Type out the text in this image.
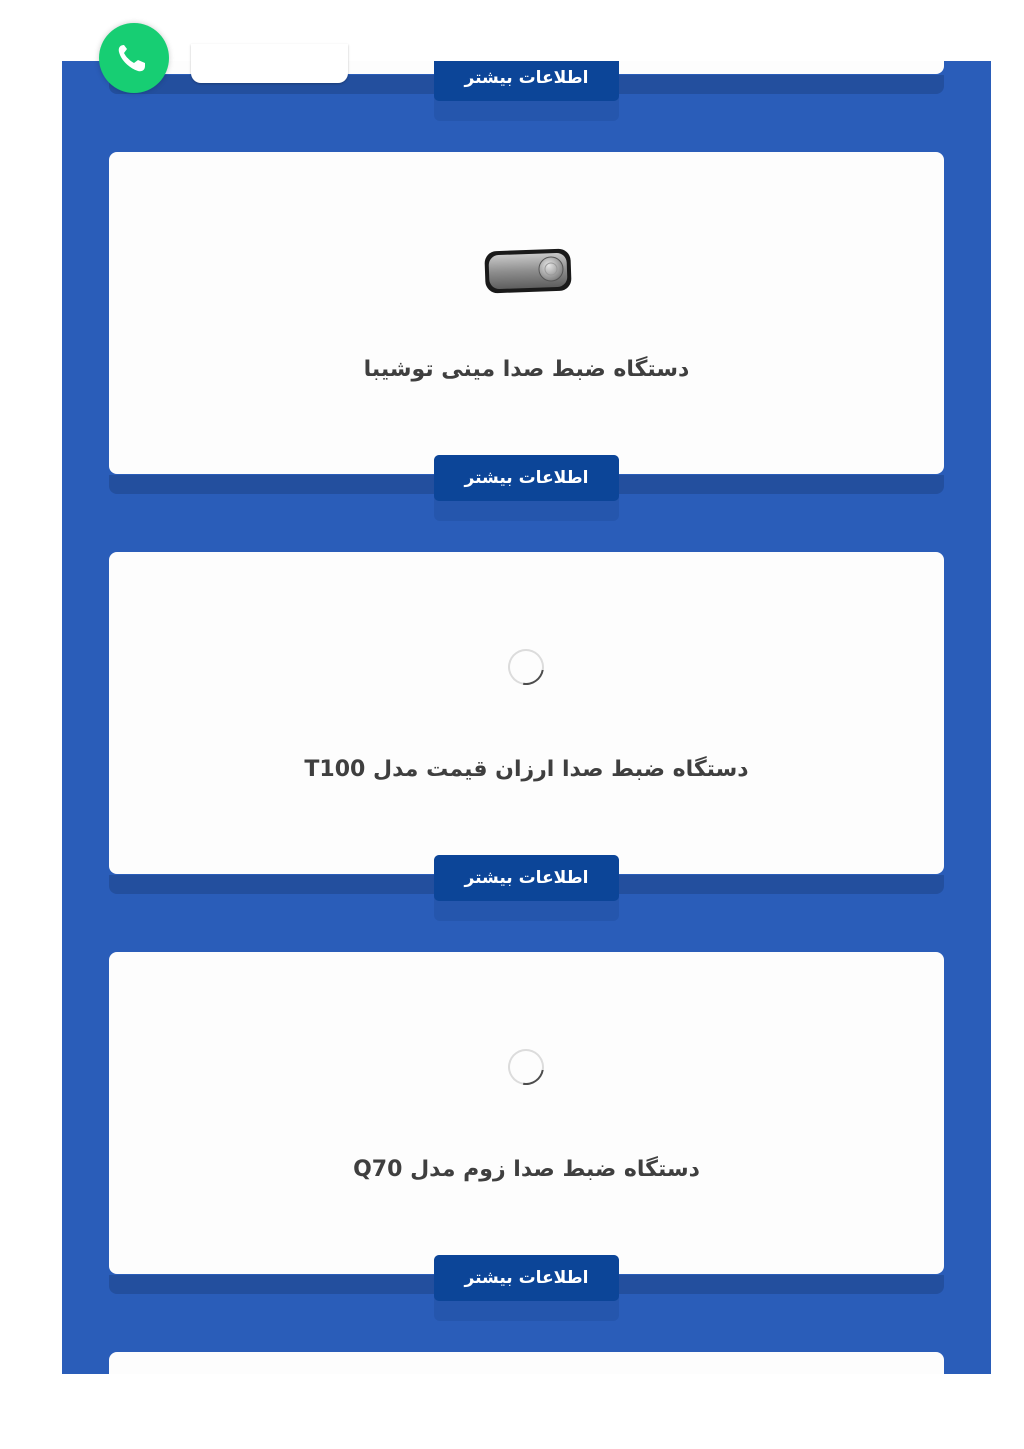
اطلاعات بیشتر

دستگاه ضبط صدا مینی توشیبا

اطلاعات بیشتر

دستگاه ضبط صدا ارزان قیمت مدل T100

اطلاعات بیشتر

دستگاه ضبط صدا زوم مدل Q70

اطلاعات بیشتر
